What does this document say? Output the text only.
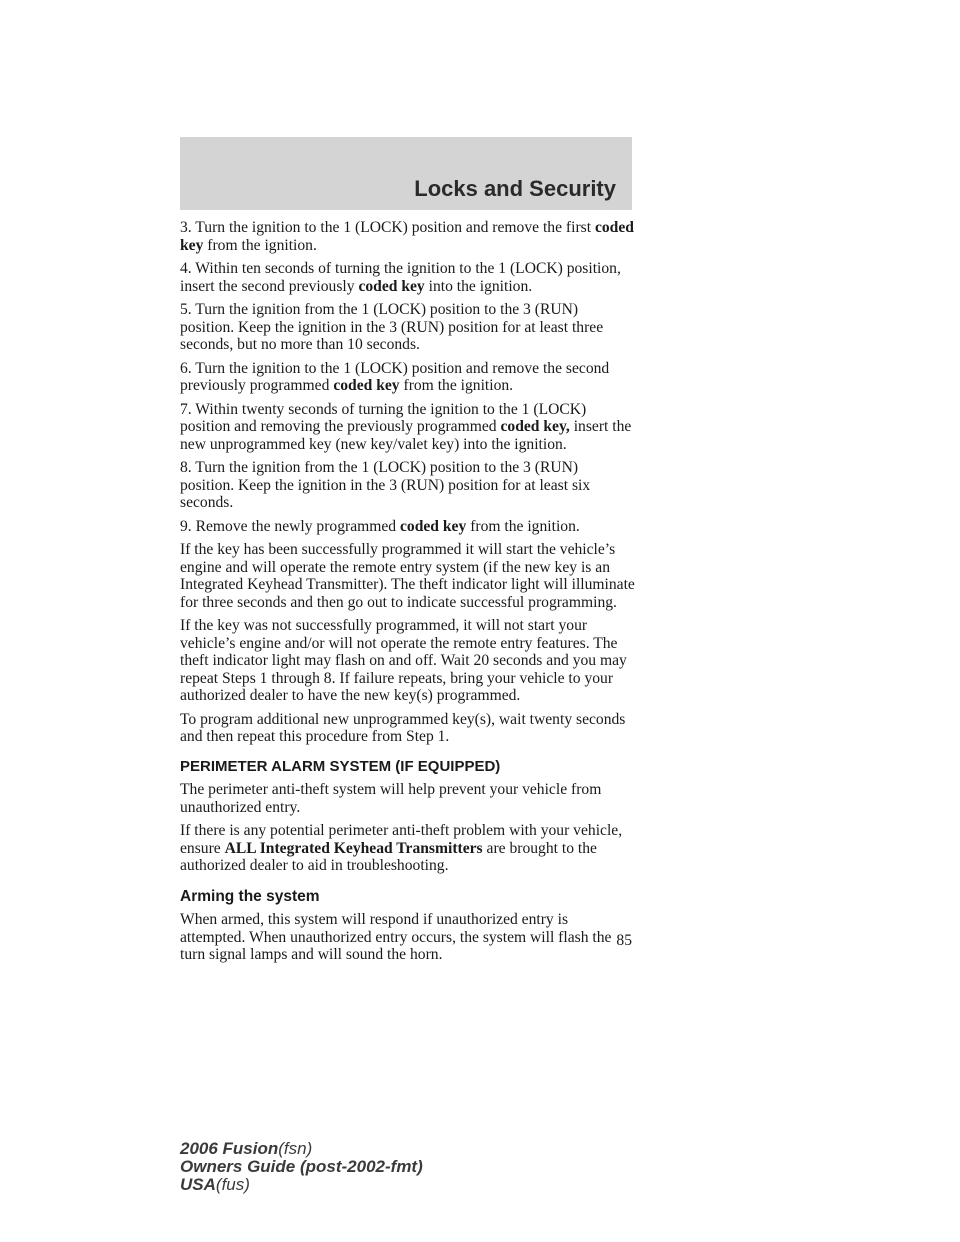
Locks and Security

3. Turn the ignition to the 1 (LOCK) position and remove the first coded key from the ignition.

4. Within ten seconds of turning the ignition to the 1 (LOCK) position, insert the second previously coded key into the ignition.

5. Turn the ignition from the 1 (LOCK) position to the 3 (RUN) position. Keep the ignition in the 3 (RUN) position for at least three seconds, but no more than 10 seconds.

6. Turn the ignition to the 1 (LOCK) position and remove the second previously programmed coded key from the ignition.

7. Within twenty seconds of turning the ignition to the 1 (LOCK) position and removing the previously programmed coded key, insert the new unprogrammed key (new key/valet key) into the ignition.

8. Turn the ignition from the 1 (LOCK) position to the 3 (RUN) position. Keep the ignition in the 3 (RUN) position for at least six seconds.

9. Remove the newly programmed coded key from the ignition.

If the key has been successfully programmed it will start the vehicle’s engine and will operate the remote entry system (if the new key is an Integrated Keyhead Transmitter). The theft indicator light will illuminate for three seconds and then go out to indicate successful programming.

If the key was not successfully programmed, it will not start your vehicle’s engine and/or will not operate the remote entry features. The theft indicator light may flash on and off. Wait 20 seconds and you may repeat Steps 1 through 8. If failure repeats, bring your vehicle to your authorized dealer to have the new key(s) programmed.

To program additional new unprogrammed key(s), wait twenty seconds and then repeat this procedure from Step 1.

PERIMETER ALARM SYSTEM (IF EQUIPPED)

The perimeter anti-theft system will help prevent your vehicle from unauthorized entry.

If there is any potential perimeter anti-theft problem with your vehicle, ensure ALL Integrated Keyhead Transmitters are brought to the authorized dealer to aid in troubleshooting.

Arming the system

When armed, this system will respond if unauthorized entry is attempted. When unauthorized entry occurs, the system will flash the turn signal lamps and will sound the horn.

85
2006 Fusion(fsn)
Owners Guide (post-2002-fmt)
USA(fus)
